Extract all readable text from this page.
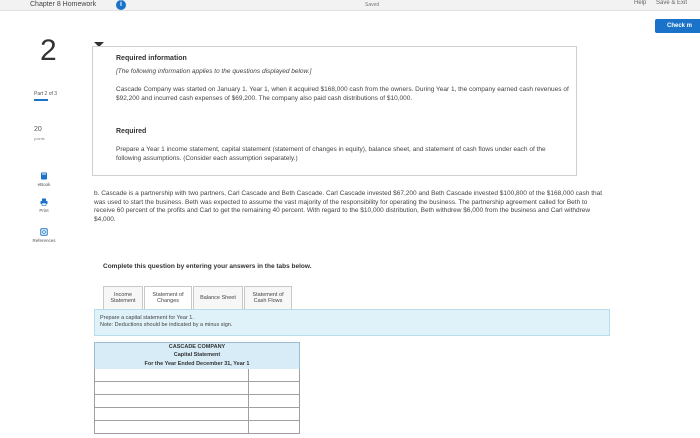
Chapter 8 Homework	i	Saved	Help Save & Exit
Check m
2
Part 2 of 3
20
points
eBook
Print
References
Required information
[The following information applies to the questions displayed below.]
Cascade Company was started on January 1. Year 1, when it acquired $168,000 cash from the owners. During Year 1, the company earned cash revenues of $92,200 and incurred cash expenses of $69,200. The company also paid cash distributions of $10,000.
Required
Prepare a Year 1 income statement, capital statement (statement of changes in equity), balance sheet, and statement of cash flows under each of the following assumptions. (Consider each assumption separately.)
b. Cascade is a partnership with two partners, Carl Cascade and Beth Cascade. Carl Cascade invested $67,200 and Beth Cascade invested $100,800 of the $168,000 cash that was used to start the business. Beth was expected to assume the vast majority of the responsibility for operating the business. The partnership agreement called for Beth to receive 60 percent of the profits and Carl to get the remaining 40 percent. With regard to the $10,000 distribution, Beth withdrew $6,000 from the business and Carl withdrew $4,000.
Complete this question by entering your answers in the tabs below.
Income
Statement
Statement of
Changes
Balance Sheet
Statement of
Cash Flows
Prepare a capital statement for Year 1.
Note: Deductions should be indicated by a minus sign.
CASCADE COMPANY
Capital Statement
For the Year Ended December 31, Year 1
